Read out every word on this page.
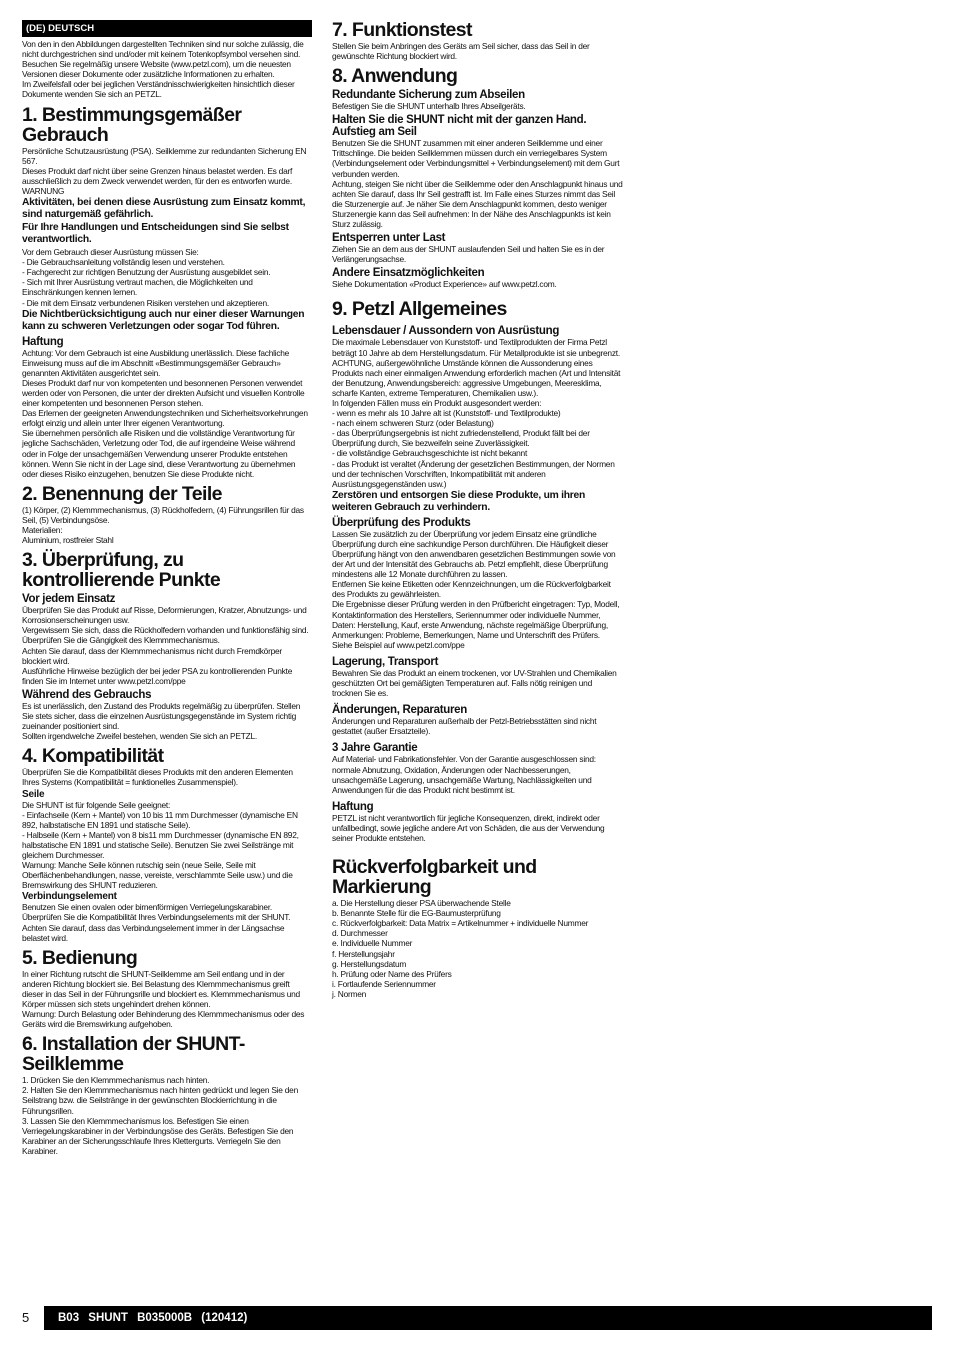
(DE) DEUTSCH

Von den in den Abbildungen dargestellten Techniken sind nur solche zulässig, die nicht durchgestrichen sind und/oder mit keinem Totenkopfsymbol versehen sind. Besuchen Sie regelmäßig unsere Website (www.petzl.com), um die neuesten Versionen dieser Dokumente oder zusätzliche Informationen zu erhalten.

Im Zweifelsfall oder bei jeglichen Verständnisschwierigkeiten hinsichtlich dieser Dokumente wenden Sie sich an PETZL.

1. Bestimmungsgemäßer Gebrauch

Persönliche Schutzausrüstung (PSA). Seilklemme zur redundanten Sicherung EN 567.

Dieses Produkt darf nicht über seine Grenzen hinaus belastet werden. Es darf ausschließlich zu dem Zweck verwendet werden, für den es entworfen wurde.

WARNUNG

Aktivitäten, bei denen diese Ausrüstung zum Einsatz kommt, sind naturgemäß gefährlich.

Für Ihre Handlungen und Entscheidungen sind Sie selbst verantwortlich.

Vor dem Gebrauch dieser Ausrüstung müssen Sie:

- Die Gebrauchsanleitung vollständig lesen und verstehen.

- Fachgerecht zur richtigen Benutzung der Ausrüstung ausgebildet sein.

- Sich mit Ihrer Ausrüstung vertraut machen, die Möglichkeiten und Einschränkungen kennen lernen.

- Die mit dem Einsatz verbundenen Risiken verstehen und akzeptieren.

Die Nichtberücksichtigung auch nur einer dieser Warnungen kann zu schweren Verletzungen oder sogar Tod führen.

Haftung

Achtung: Vor dem Gebrauch ist eine Ausbildung unerlässlich. Diese fachliche Einweisung muss auf die im Abschnitt «Bestimmungsgemäßer Gebrauch» genannten Aktivitäten ausgerichtet sein.

Dieses Produkt darf nur von kompetenten und besonnenen Personen verwendet werden oder von Personen, die unter der direkten Aufsicht und visuellen Kontrolle einer kompetenten und besonnenen Person stehen.

Das Erlernen der geeigneten Anwendungstechniken und Sicherheitsvorkehrungen erfolgt einzig und allein unter Ihrer eigenen Verantwortung.

Sie übernehmen persönlich alle Risiken und die vollständige Verantwortung für jegliche Sachschäden, Verletzung oder Tod, die auf irgendeine Weise während oder in Folge der unsachgemäßen Verwendung unserer Produkte entstehen können. Wenn Sie nicht in der Lage sind, diese Verantwortung zu übernehmen oder dieses Risiko einzugehen, benutzen Sie diese Produkte nicht.

2. Benennung der Teile

(1) Körper, (2) Klemmmechanismus, (3) Rückholfedern, (4) Führungsrillen für das Seil, (5) Verbindungsöse.

Materialien:

Aluminium, rostfreier Stahl

3. Überprüfung, zu kontrollierende Punkte
Vor jedem Einsatz

Überprüfen Sie das Produkt auf Risse, Deformierungen, Kratzer, Abnutzungs- und Korrosionserscheinungen usw.

Vergewissern Sie sich, dass die Rückholfedern vorhanden und funktionsfähig sind.

Überprüfen Sie die Gängigkeit des Klemmmechanismus.

Achten Sie darauf, dass der Klemmmechanismus nicht durch Fremdkörper blockiert wird.

Ausführliche Hinweise bezüglich der bei jeder PSA zu kontrollierenden Punkte finden Sie im Internet unter www.petzl.com/ppe

Während des Gebrauchs

Es ist unerlässlich, den Zustand des Produkts regelmäßig zu überprüfen. Stellen Sie stets sicher, dass die einzelnen Ausrüstungsgegenstände im System richtig zueinander positioniert sind.

Sollten irgendwelche Zweifel bestehen, wenden Sie sich an PETZL.

4. Kompatibilität

Überprüfen Sie die Kompatibilität dieses Produkts mit den anderen Elementen Ihres Systems (Kompatibilität = funktionelles Zusammenspiel).

Seile

Die SHUNT ist für folgende Seile geeignet:

- Einfachseile (Kern + Mantel) von 10 bis 11 mm Durchmesser (dynamische EN 892, halbstatische EN 1891 und statische Seile).

- Halbseile (Kern + Mantel) von 8 bis11 mm Durchmesser (dynamische EN 892, halbstatische EN 1891 und statische Seile). Benutzen Sie zwei Seilstränge mit gleichem Durchmesser.

Warnung: Manche Seile können rutschig sein (neue Seile, Seile mit Oberflächenbehandlungen, nasse, vereiste, verschlammte Seile usw.) und die Bremswirkung des SHUNT reduzieren.

Verbindungselement

Benutzen Sie einen ovalen oder birnenförmigen Verriegelungskarabiner. Überprüfen Sie die Kompatibilität Ihres Verbindungselements mit der SHUNT. Achten Sie darauf, dass das Verbindungselement immer in der Längsachse belastet wird.

5. Bedienung

In einer Richtung rutscht die SHUNT-Seilklemme am Seil entlang und in der anderen Richtung blockiert sie. Bei Belastung des Klemmmechanismus greift dieser in das Seil in der Führungsrille und blockiert es. Klemmmechanismus und Körper müssen sich stets ungehindert drehen können.

Warnung: Durch Belastung oder Behinderung des Klemmmechanismus oder des Geräts wird die Bremswirkung aufgehoben.

6. Installation der SHUNT-Seilklemme

1. Drücken Sie den Klemmmechanismus nach hinten.

2. Halten Sie den Klemmmechanismus nach hinten gedrückt und legen Sie den Seilstrang bzw. die Seilstränge in der gewünschten Blockierrichtung in die Führungsrillen.

3. Lassen Sie den Klemmmechanismus los. Befestigen Sie einen Verriegelungskarabiner in der Verbindungsöse des Geräts. Befestigen Sie den Karabiner an der Sicherungsschlaufe Ihres Klettergurts. Verriegeln Sie den Karabiner.

7. Funktionstest

Stellen Sie beim Anbringen des Geräts am Seil sicher, dass das Seil in der gewünschte Richtung blockiert wird.

8. Anwendung
Redundante Sicherung zum Abseilen

Befestigen Sie die SHUNT unterhalb Ihres Abseilgeräts.

Halten Sie die SHUNT nicht mit der ganzen Hand.
Aufstieg am Seil

Benutzen Sie die SHUNT zusammen mit einer anderen Seilklemme und einer Trittschlinge. Die beiden Seilklemmen müssen durch ein verriegelbares System (Verbindungselement oder Verbindungsmittel + Verbindungselement) mit dem Gurt verbunden werden.

Achtung, steigen Sie nicht über die Seilklemme oder den Anschlagpunkt hinaus und achten Sie darauf, dass Ihr Seil gestrafft ist. Im Falle eines Sturzes nimmt das Seil die Sturzenergie auf. Je näher Sie dem Anschlagpunkt kommen, desto weniger Sturzenergie kann das Seil aufnehmen: In der Nähe des Anschlagpunkts ist kein Sturz zulässig.

Entsperren unter Last

Ziehen Sie an dem aus der SHUNT auslaufenden Seil und halten Sie es in der Verlängerungsachse.

Andere Einsatzmöglichkeiten

Siehe Dokumentation «Product Experience» auf www.petzl.com.

9. Petzl Allgemeines
Lebensdauer / Aussondern von Ausrüstung

Die maximale Lebensdauer von Kunststoff- und Textilprodukten der Firma Petzl beträgt 10 Jahre ab dem Herstellungsdatum. Für Metallprodukte ist sie unbegrenzt.

ACHTUNG, außergewöhnliche Umstände können die Aussonderung eines Produkts nach einer einmaligen Anwendung erforderlich machen (Art und Intensität der Benutzung, Anwendungsbereich: aggressive Umgebungen, Meeresklima, scharfe Kanten, extreme Temperaturen, Chemikalien usw.).

In folgenden Fällen muss ein Produkt ausgesondert werden:

- wenn es mehr als 10 Jahre alt ist (Kunststoff- und Textilprodukte)

- nach einem schweren Sturz (oder Belastung)

- das Überprüfungsergebnis ist nicht zufriedenstellend, Produkt fällt bei der Überprüfung durch, Sie bezweifeln seine Zuverlässigkeit.

- die vollständige Gebrauchsgeschichte ist nicht bekannt

- das Produkt ist veraltet (Änderung der gesetzlichen Bestimmungen, der Normen und der technischen Vorschriften, Inkompatibilität mit anderen Ausrüstungsgegenständen usw.)

Zerstören und entsorgen Sie diese Produkte, um ihren weiteren Gebrauch zu verhindern.

Überprüfung des Produkts

Lassen Sie zusätzlich zu der Überprüfung vor jedem Einsatz eine gründliche Überprüfung durch eine sachkundige Person durchführen. Die Häufigkeit dieser Überprüfung hängt von den anwendbaren gesetzlichen Bestimmungen sowie von der Art und der Intensität des Gebrauchs ab. Petzl empfiehlt, diese Überprüfung mindestens alle 12 Monate durchführen zu lassen.

Entfernen Sie keine Etiketten oder Kennzeichnungen, um die Rückverfolgbarkeit des Produkts zu gewährleisten.

Die Ergebnisse dieser Prüfung werden in den Prüfbericht eingetragen: Typ, Modell, Kontaktinformation des Herstellers, Seriennummer oder individuelle Nummer, Daten: Herstellung, Kauf, erste Anwendung, nächste regelmäßige Überprüfung, Anmerkungen: Probleme, Bemerkungen, Name und Unterschrift des Prüfers.

Siehe Beispiel auf www.petzl.com/ppe

Lagerung, Transport

Bewahren Sie das Produkt an einem trockenen, vor UV-Strahlen und Chemikalien geschützten Ort bei gemäßigten Temperaturen auf. Falls nötig reinigen und trocknen Sie es.

Änderungen, Reparaturen

Änderungen und Reparaturen außerhalb der Petzl-Betriebsstätten sind nicht gestattet (außer Ersatzteile).

3 Jahre Garantie

Auf Material- und Fabrikationsfehler. Von der Garantie ausgeschlossen sind: normale Abnutzung, Oxidation, Änderungen oder Nachbesserungen, unsachgemäße Lagerung, unsachgemäße Wartung, Nachlässigkeiten und Anwendungen für die das Produkt nicht bestimmt ist.

Haftung

PETZL ist nicht verantwortlich für jegliche Konsequenzen, direkt, indirekt oder unfallbedingt, sowie jegliche andere Art von Schäden, die aus der Verwendung seiner Produkte entstehen.

Rückverfolgbarkeit und Markierung

a. Die Herstellung dieser PSA überwachende Stelle

b. Benannte Stelle für die EG-Baumusterprüfung

c. Rückverfolgbarkeit: Data Matrix = Artikelnummer + individuelle Nummer

d. Durchmesser

e. Individuelle Nummer

f. Herstellungsjahr

g. Herstellungsdatum

h. Prüfung oder Name des Prüfers

i. Fortlaufende Seriennummer

j. Normen

5	B03 SHUNT B035000B (120412)
